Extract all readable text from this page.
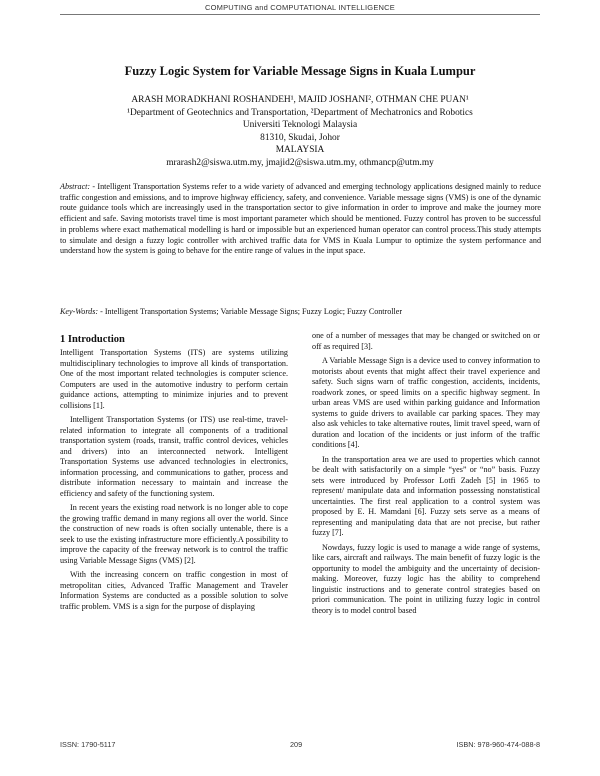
COMPUTING and COMPUTATIONAL INTELLIGENCE
Fuzzy Logic System for Variable Message Signs in Kuala Lumpur
ARASH MORADKHANI ROSHANDEH¹, MAJID JOSHANI², OTHMAN CHE PUAN¹
¹Department of Geotechnics and Transportation, ²Department of Mechatronics and Robotics
Universiti Teknologi Malaysia
81310, Skudai, Johor
MALAYSIA
mrarash2@siswa.utm.my, jmajid2@siswa.utm.my, othmancp@utm.my

Abstract: - Intelligent Transportation Systems refer to a wide variety of advanced and emerging technology applications designed mainly to reduce traffic congestion and emissions, and to improve highway efficiency, safety, and convenience. Variable message signs (VMS) is one of the dynamic route guidance tools which are increasingly used in the transportation sector to give information in order to improve and make the journey more efficient and safe. Saving motorists travel time is most important parameter which should be mentioned. Fuzzy control has proven to be successful in problems where exact mathematical modelling is hard or impossible but an experienced human operator can control process.This study attempts to simulate and design a fuzzy logic controller with archived traffic data for VMS in Kuala Lumpur to optimize the system performance and understand how the system is going to behave for the entire range of values in the input space.

Key-Words: - Intelligent Transportation Systems; Variable Message Signs; Fuzzy Logic; Fuzzy Controller
1 Introduction

Intelligent Transportation Systems (ITS) are systems utilizing multidisciplinary technologies to improve all kinds of transportation. One of the most important related technologies is computer science. Computers are used in the automotive industry to perform certain guidance actions, attempting to minimize injuries and to prevent collisions [1].

Intelligent Transportation Systems (or ITS) use real-time, travel-related information to integrate all components of a traditional transportation system (roads, transit, traffic control devices, vehicles and drivers) into an interconnected network. Intelligent Transportation Systems use advanced technologies in electronics, information processing, and communications to gather, process and distribute information necessary to maintain and increase the efficiency and safety of the functioning system.

In recent years the existing road network is no longer able to cope the growing traffic demand in many regions all over the world. Since the construction of new roads is often socially untenable, there is a seek to use the existing infrastructure more efficiently.A possibility to improve the capacity of the freeway network is to control the traffic using Variable Message Signs (VMS) [2].

With the increasing concern on traffic congestion in most of metropolitan cities, Advanced Traffic Management and Traveler Information Systems are conducted as a possible solution to solve traffic problem. VMS is a sign for the purpose of displaying

one of a number of messages that may be changed or switched on or off as required [3].

A Variable Message Sign is a device used to convey information to motorists about events that might affect their travel experience and safety. Such signs warn of traffic congestion, accidents, incidents, roadwork zones, or speed limits on a specific highway segment. In urban areas VMS are used within parking guidance and Information systems to guide drivers to available car parking spaces. They may also ask vehicles to take alternative routes, limit travel speed, warn of duration and location of the incidents or just inform of the traffic conditions [4].

In the transportation area we are used to properties which cannot be dealt with satisfactorily on a simple “yes” or “no” basis. Fuzzy sets were introduced by Professor Lotfi Zadeh [5] in 1965 to represent/ manipulate data and information possessing nonstatistical uncertainties. The first real application to a control system was proposed by E. H. Mamdani [6]. Fuzzy sets serve as a means of representing and manipulating data that are not precise, but rather fuzzy [7].

Nowdays, fuzzy logic is used to manage a wide range of systems, like cars, aircraft and railways. The main benefit of fuzzy logic is the opportunity to model the ambiguity and the uncertainty of decision-making. Moreover, fuzzy logic has the ability to comprehend linguistic instructions and to generate control strategies based on priori communication. The point in utilizing fuzzy logic in control theory is to model control based

ISSN: 1790-5117	209	ISBN: 978-960-474-088-8
